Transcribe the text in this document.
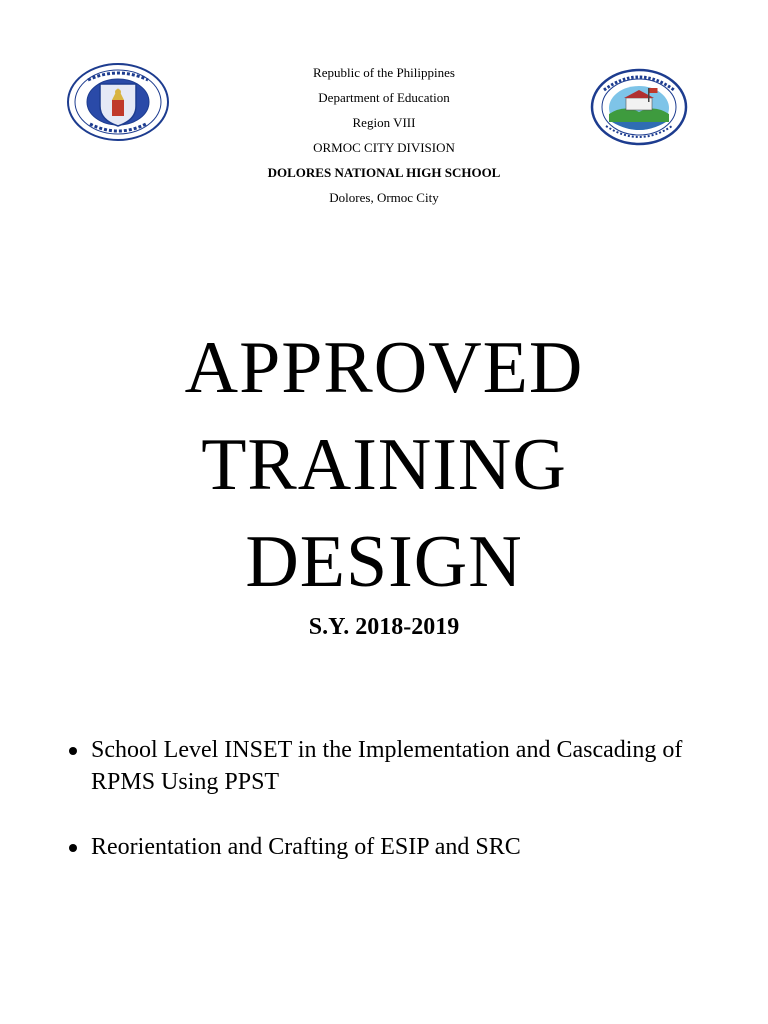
Republic of the Philippines
Department of Education
Region VIII
ORMOC CITY DIVISION
DOLORES NATIONAL HIGH SCHOOL
Dolores, Ormoc City
APPROVED
TRAINING
DESIGN
S.Y. 2018-2019
School Level INSET in the Implementation and Cascading of RPMS Using PPST
Reorientation and Crafting of ESIP and SRC
